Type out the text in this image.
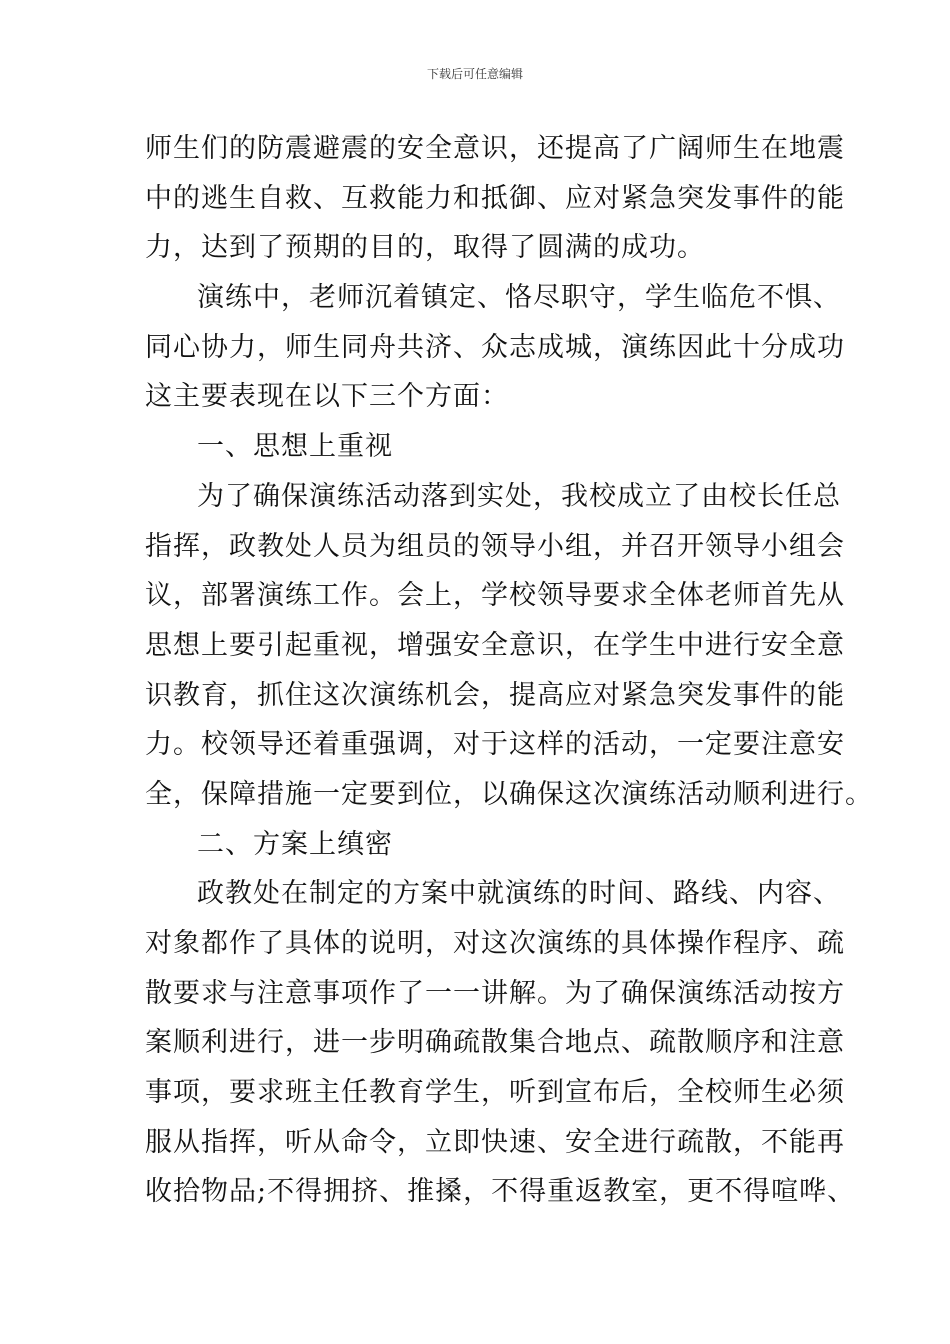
下载后可任意编辑
师生们的防震避震的安全意识，还提高了广阔师生在地震
中的逃生自救、互救能力和抵御、应对紧急突发事件的能
力，达到了预期的目的，取得了圆满的成功。
演练中，老师沉着镇定、恪尽职守，学生临危不惧、
同心协力，师生同舟共济、众志成城，演练因此十分成功
这主要表现在以下三个方面：
一、思想上重视
为了确保演练活动落到实处，我校成立了由校长任总
指挥，政教处人员为组员的领导小组，并召开领导小组会
议，部署演练工作。会上，学校领导要求全体老师首先从
思想上要引起重视，增强安全意识，在学生中进行安全意
识教育，抓住这次演练机会，提高应对紧急突发事件的能
力。校领导还着重强调，对于这样的活动，一定要注意安
全，保障措施一定要到位，以确保这次演练活动顺利进行。
二、方案上缜密
政教处在制定的方案中就演练的时间、路线、内容、
对象都作了具体的说明，对这次演练的具体操作程序、疏
散要求与注意事项作了一一讲解。为了确保演练活动按方
案顺利进行，进一步明确疏散集合地点、疏散顺序和注意
事项，要求班主任教育学生，听到宣布后，全校师生必须
服从指挥，听从命令，立即快速、安全进行疏散，不能再
收拾物品;不得拥挤、推搡，不得重返教室，更不得喧哗、
